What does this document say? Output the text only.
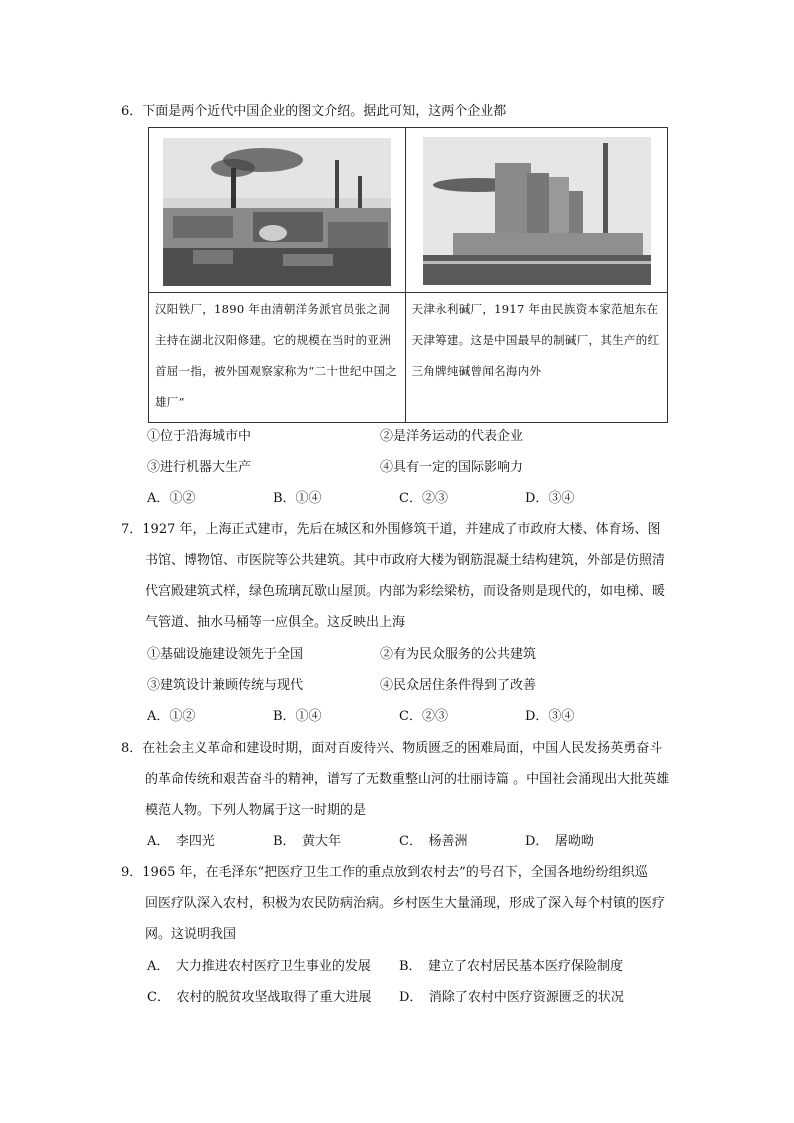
6．下面是两个近代中国企业的图文介绍。据此可知，这两个企业都

汉阳铁厂，1890 年由清朝洋务派官员张之洞主持在湖北汉阳修建。它的规模在当时的亚洲首屈一指，被外国观察家称为“二十世纪中国之雄厂”	天津永利碱厂，1917 年由民族资本家范旭东在天津筹建。这是中国最早的制碱厂，其生产的红三角牌纯碱曾闻名海内外
①位于沿海城市中	②是洋务运动的代表企业
③进行机器大生产	④具有一定的国际影响力
A．①②	B．①④	C．②③	D．③④
7．1927 年，上海正式建市，先后在城区和外围修筑干道，并建成了市政府大楼、体育场、图
书馆、博物馆、市医院等公共建筑。其中市政府大楼为钢筋混凝土结构建筑，外部是仿照清
代宫殿建筑式样，绿色琉璃瓦歇山屋顶。内部为彩绘梁枋，而设备则是现代的，如电梯、暖
气管道、抽水马桶等一应俱全。这反映出上海
①基础设施建设领先于全国	②有为民众服务的公共建筑
③建筑设计兼顾传统与现代	④民众居住条件得到了改善
A．①②	B．①④	C．②③	D．③④
8．在社会主义革命和建设时期，面对百废待兴、物质匮乏的困难局面，中国人民发扬英勇奋斗
的革命传统和艰苦奋斗的精神，谱写了无数重整山河的壮丽诗篇 。中国社会涌现出大批英雄
模范人物。下列人物属于这一时期的是
A．　李四光	B．　黄大年	C．　杨善洲	D．　屠呦呦
9．1965 年，在毛泽东“把医疗卫生工作的重点放到农村去”的号召下，全国各地纷纷组织巡
回医疗队深入农村，积极为农民防病治病。乡村医生大量涌现，形成了深入每个村镇的医疗
网。这说明我国
A．　大力推进农村医疗卫生事业的发展 B．　建立了农村居民基本医疗保险制度
C．　农村的脱贫攻坚战取得了重大进展 D．　消除了农村中医疗资源匮乏的状况
